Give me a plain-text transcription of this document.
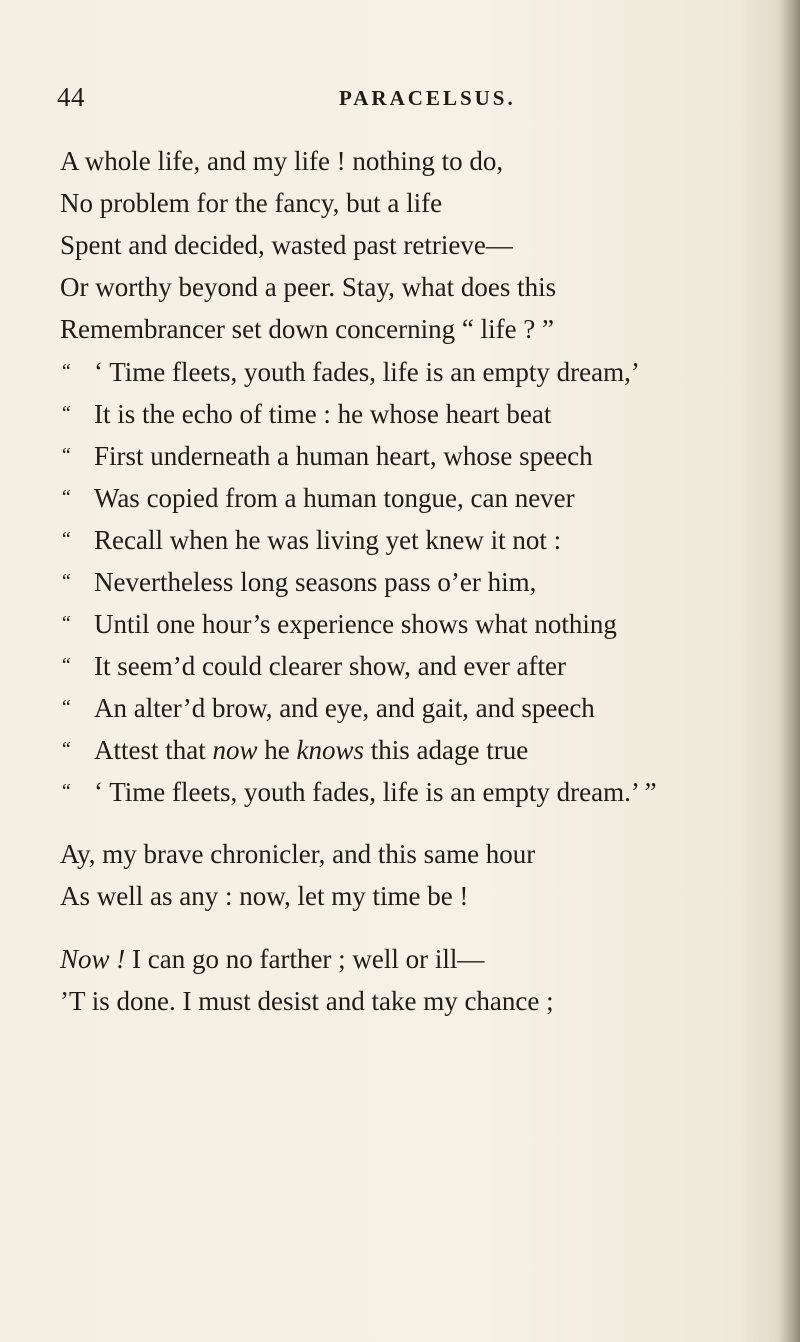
44	PARACELSUS.
A whole life, and my life ! nothing to do,
No problem for the fancy, but a life
Spent and decided, wasted past retrieve—
Or worthy beyond a peer. Stay, what does this
Remembrancer set down concerning “ life ? ”
“ ‘ Time fleets, youth fades, life is an empty dream,’
“ It is the echo of time : he whose heart beat
“ First underneath a human heart, whose speech
“ Was copied from a human tongue, can never
“ Recall when he was living yet knew it not :
“ Nevertheless long seasons pass o’er him,
“ Until one hour’s experience shows what nothing
“ It seem’d could clearer show, and ever after
“ An alter’d brow, and eye, and gait, and speech
“ Attest that now he knows this adage true
“ ‘ Time fleets, youth fades, life is an empty dream.’ ”
Ay, my brave chronicler, and this same hour
As well as any : now, let my time be !
Now ! I can go no farther ; well or ill—
’T is done. I must desist and take my chance ;
